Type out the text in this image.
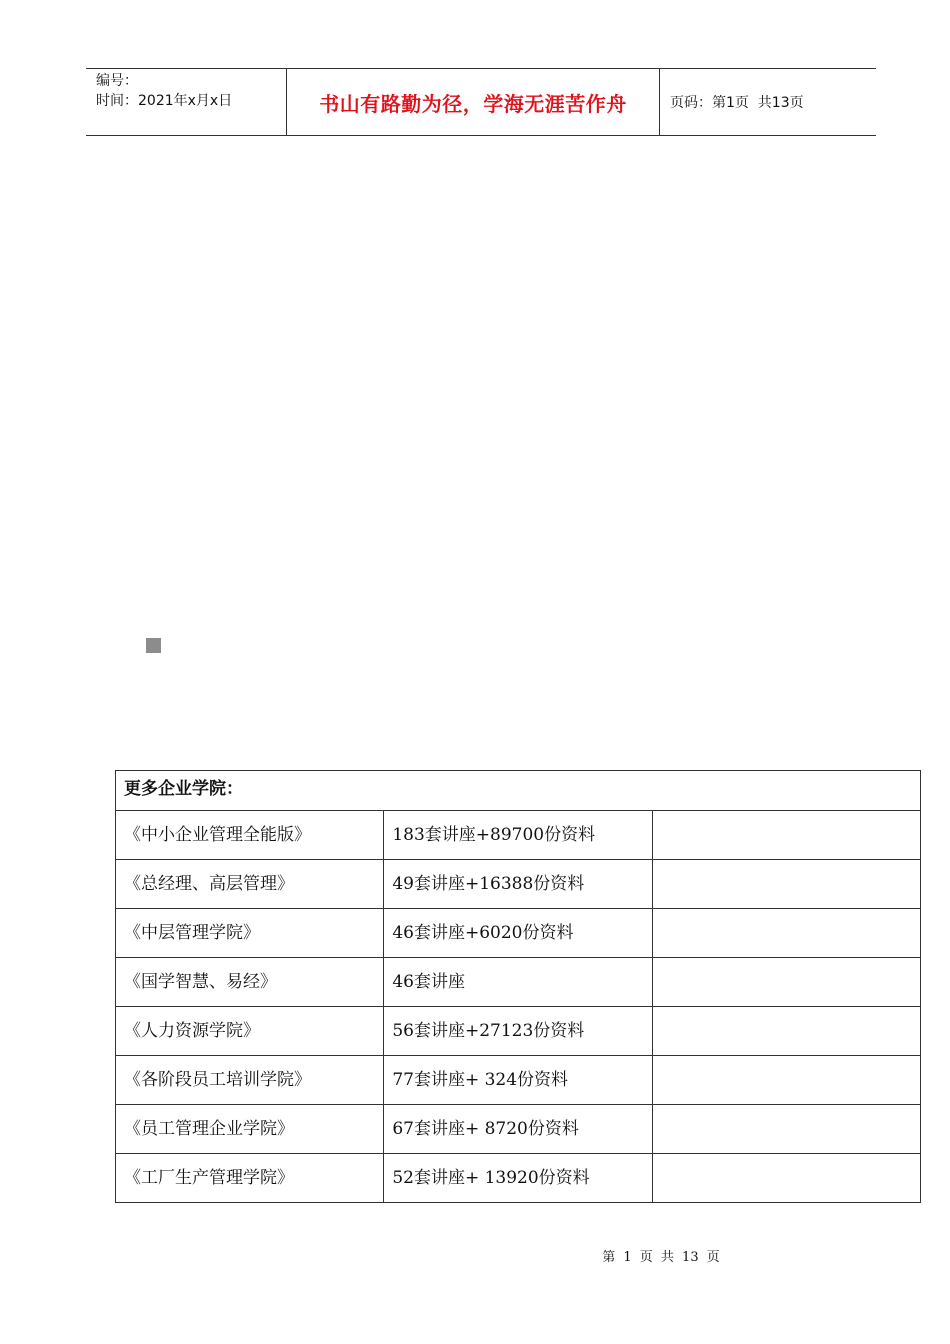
编号：
时间：2021年x月x日	书山有路勤为径，学海无涯苦作舟	页码：第1页  共13页
更多企业学院：		
《中小企业管理全能版》	183套讲座+89700份资料	
《总经理、高层管理》	49套讲座+16388份资料	
《中层管理学院》	46套讲座+6020份资料	
《国学智慧、易经》	46套讲座	
《人力资源学院》	56套讲座+27123份资料	
《各阶段员工培训学院》	77套讲座+ 324份资料	
《员工管理企业学院》	67套讲座+ 8720份资料	
《工厂生产管理学院》	52套讲座+ 13920份资料	
第 1 页 共 13 页
